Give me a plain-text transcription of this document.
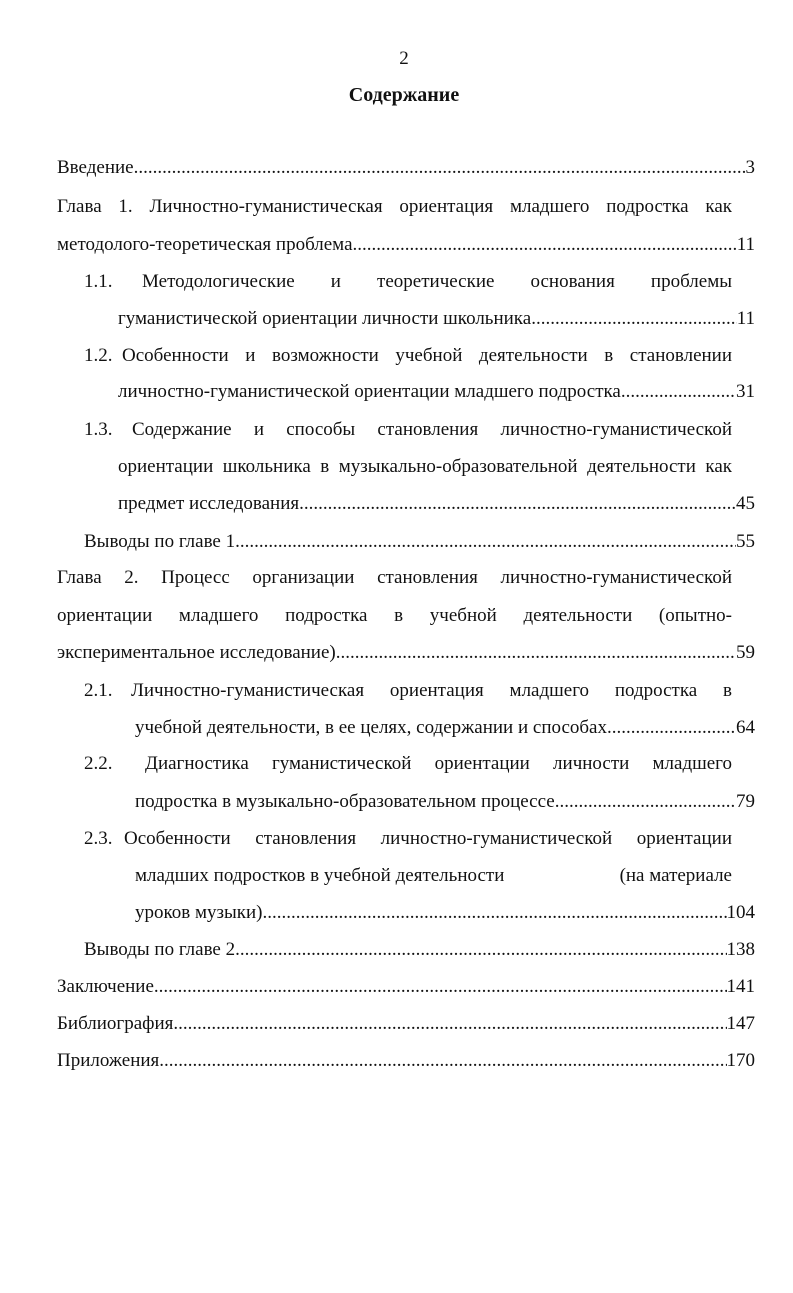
2
Содержание
Введение .....	3
Глава 1. Личностно-гуманистическая ориентация младшего подростка как
методолого-теоретическая проблема .....	11
1.1.	Методологические и теоретические основания проблемы
гуманистической ориентации личности школьника .....	11
1.2. Особенности и возможности учебной деятельности в становлении
личностно-гуманистической ориентации младшего подростка .....	31
1.3.	Содержание и способы становления личностно-гуманистической
ориентации школьника в музыкально-образовательной деятельности как
предмет исследования .....	45
Выводы по главе 1 .....	55
Глава 2. Процесс организации становления личностно-гуманистической
ориентации младшего подростка в учебной деятельности (опытно-
экспериментальное исследование) .....	59
2.1. Личностно-гуманистическая ориентация младшего подростка в
учебной деятельности, в ее целях, содержании и способах .....	64
2.2.	Диагностика гуманистической ориентации личности младшего
подростка в музыкально-образовательном процессе .....	79
2.3. Особенности становления личностно-гуманистической ориентации
младших подростков в учебной деятельности	(на материале
уроков музыки) .....	104
Выводы по главе 2 .....	138
Заключение .....	141
Библиография .....	147
Приложения .....	170
